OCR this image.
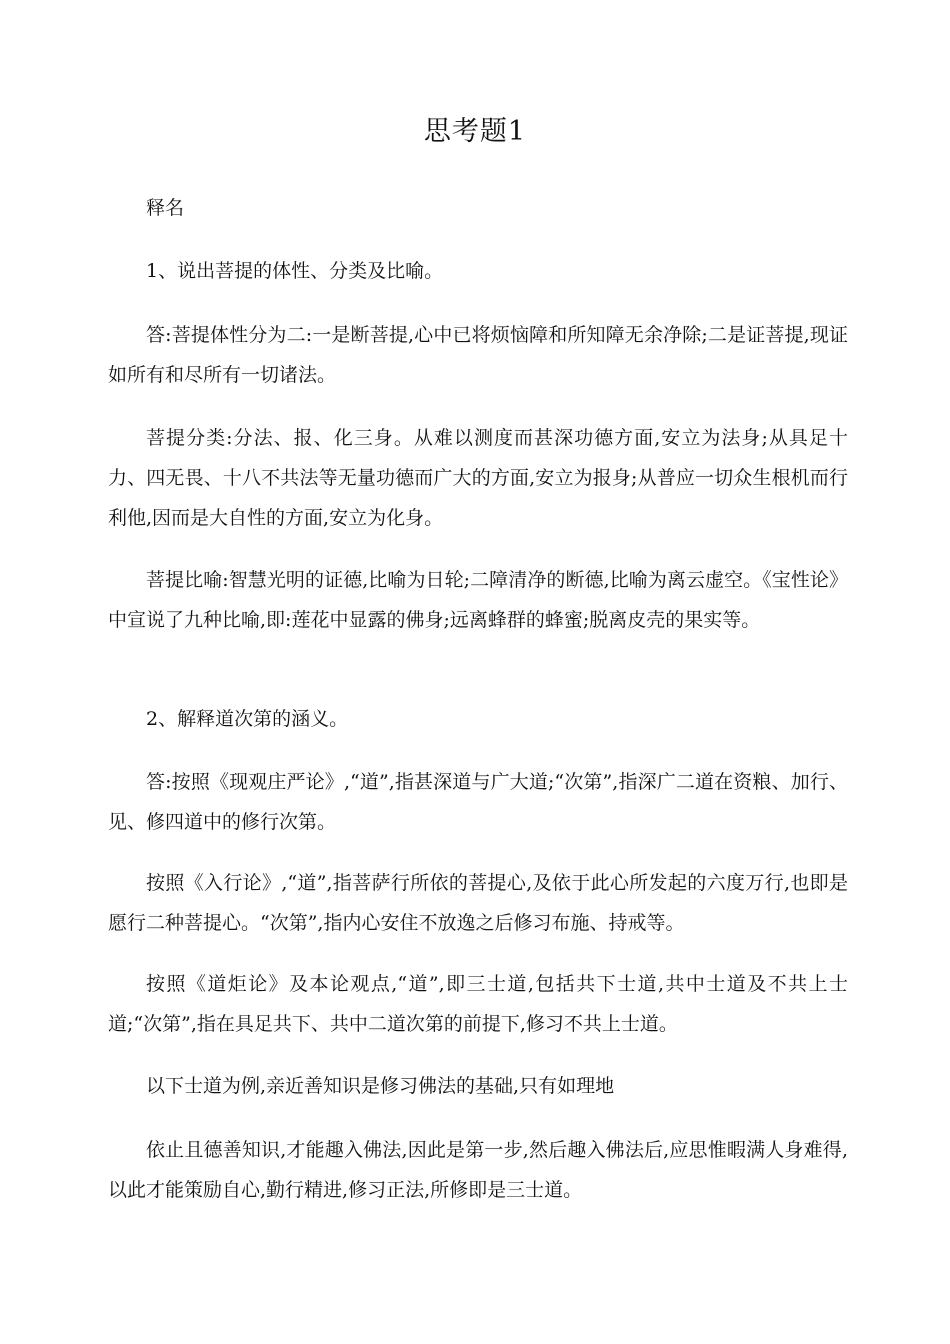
思考题1

释名

1、说出菩提的体性、分类及比喻。

答:菩提体性分为二:一是断菩提,心中已将烦恼障和所知障无余净除;二是证菩提,现证如所有和尽所有一切诸法。

菩提分类:分法、报、化三身。从难以测度而甚深功德方面,安立为法身;从具足十力、四无畏、十八不共法等无量功德而广大的方面,安立为报身;从普应一切众生根机而行利他,因而是大自性的方面,安立为化身。

菩提比喻:智慧光明的证德,比喻为日轮;二障清净的断德,比喻为离云虚空。《宝性论》中宣说了九种比喻,即:莲花中显露的佛身;远离蜂群的蜂蜜;脱离皮壳的果实等。

2、解释道次第的涵义。

答:按照《现观庄严论》,“道”,指甚深道与广大道;“次第”,指深广二道在资粮、加行、见、修四道中的修行次第。

按照《入行论》,“道”,指菩萨行所依的菩提心,及依于此心所发起的六度万行,也即是愿行二种菩提心。“次第”,指内心安住不放逸之后修习布施、持戒等。

按照《道炬论》及本论观点,“道”,即三士道,包括共下士道,共中士道及不共上士道;“次第”,指在具足共下、共中二道次第的前提下,修习不共上士道。

以下士道为例,亲近善知识是修习佛法的基础,只有如理地

依止且德善知识,才能趣入佛法,因此是第一步,然后趣入佛法后,应思惟暇满人身难得,以此才能策励自心,勤行精进,修习正法,所修即是三士道。
